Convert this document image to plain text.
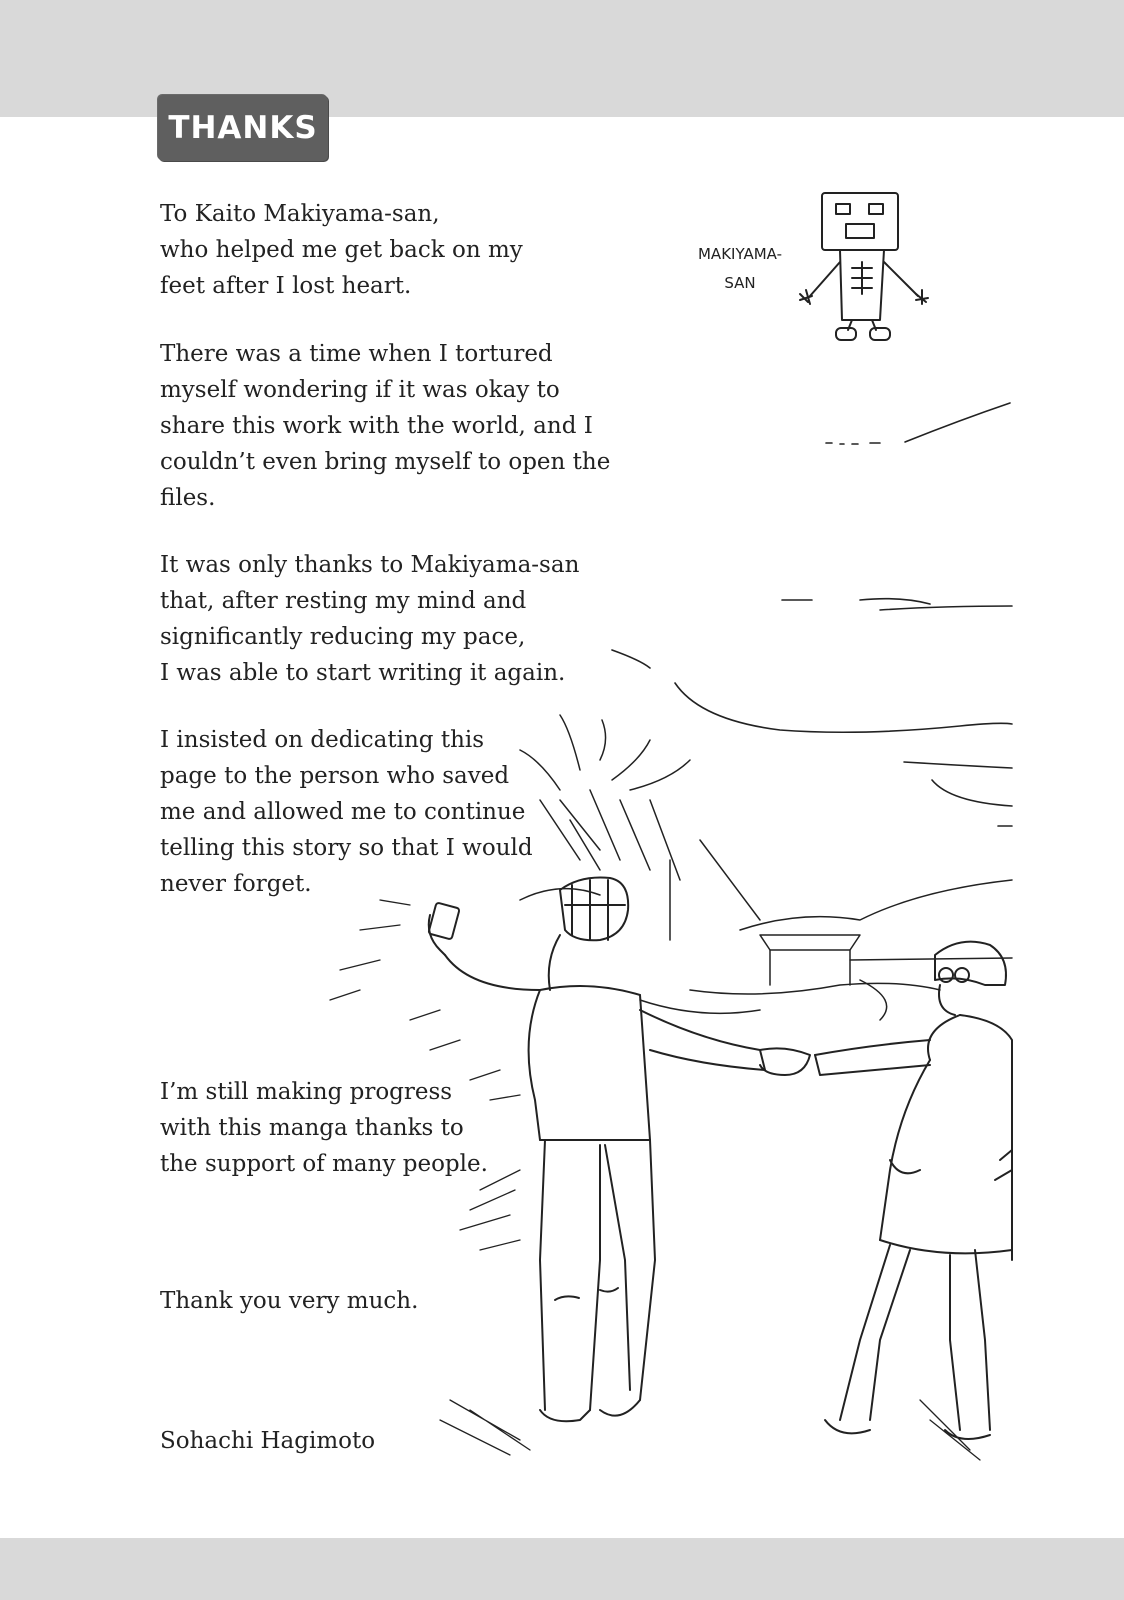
THANKS
MAKIYAMA-
SAN

To Kaito Makiyama-san,
who helped me get back on my
feet after I lost heart.

There was a time when I tortured
myself wondering if it was okay to
share this work with the world, and I
couldn’t even bring myself to open the
files.

It was only thanks to Makiyama-san
that, after resting my mind and
significantly reducing my pace,
I was able to start writing it again.

I insisted on dedicating this
page to the person who saved
me and allowed me to continue
telling this story so that I would
never forget.

I’m still making progress
with this manga thanks to
the support of many people.

Thank you very much.

Sohachi Hagimoto
